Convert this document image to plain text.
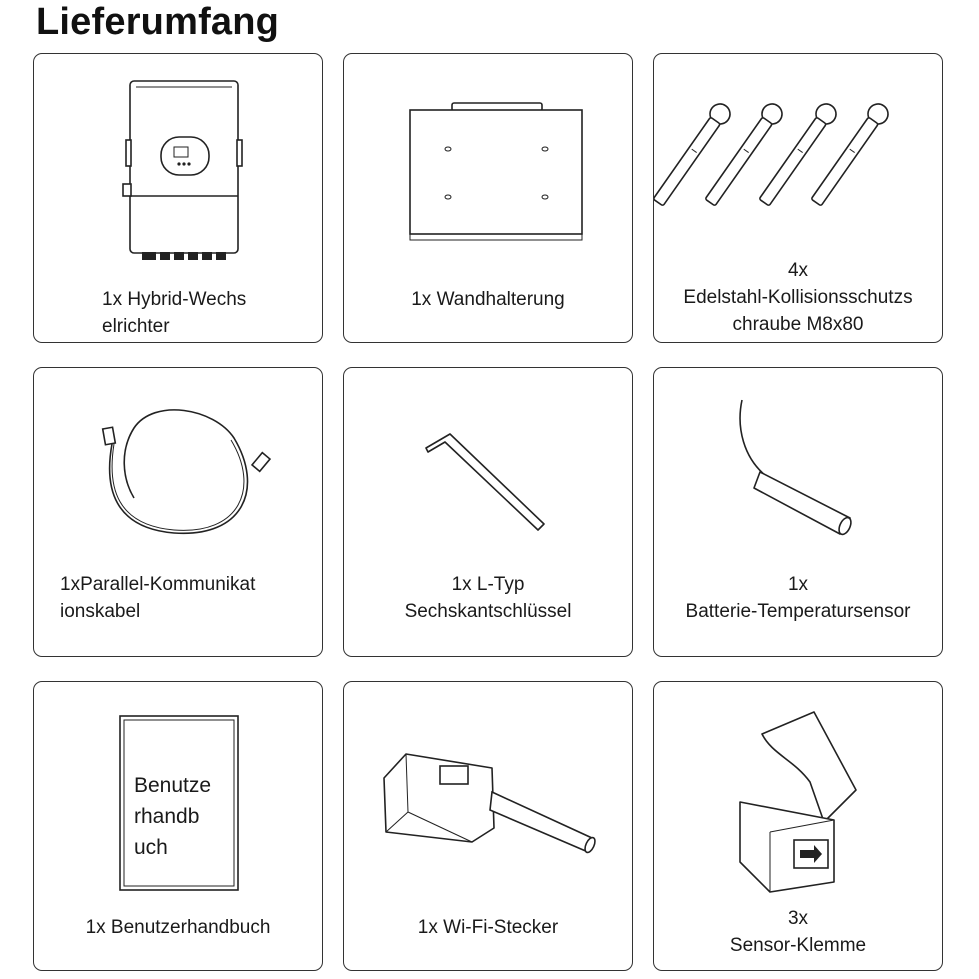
Lieferumfang
1x Hybrid-Wechs
elrichter
1x Wandhalterung
4x
Edelstahl-Kollisionsschutzs
chraube M8x80
1xParallel-Kommunikat
ionskabel
1x L-Typ
Sechskantschlüssel
1x
Batterie-Temperatursensor
Benutze
rhandb
uch
1x Benutzerhandbuch	1x Wi-Fi-Stecker	3x
Sensor-Klemme
